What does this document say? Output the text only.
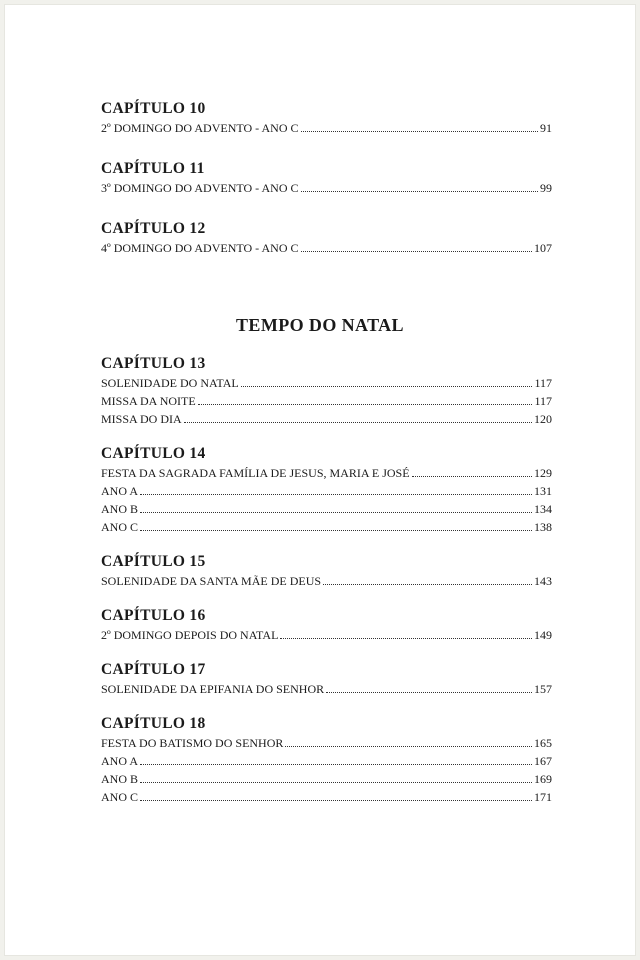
CAPÍTULO 10
2º DOMINGO DO ADVENTO - ANO C	91
CAPÍTULO 11
3º DOMINGO DO ADVENTO - ANO C	99
CAPÍTULO 12
4º DOMINGO DO ADVENTO - ANO C	107
TEMPO DO NATAL
CAPÍTULO 13
SOLENIDADE DO NATAL	117
MISSA DA NOITE	117
MISSA DO DIA	120
CAPÍTULO 14
FESTA DA SAGRADA FAMÍLIA DE JESUS, MARIA E JOSÉ	129
ANO A	131
ANO B	134
ANO C	138
CAPÍTULO 15
SOLENIDADE DA SANTA MÃE DE DEUS	143
CAPÍTULO 16
2º DOMINGO DEPOIS DO NATAL	149
CAPÍTULO 17
SOLENIDADE DA EPIFANIA DO SENHOR	157
CAPÍTULO 18
FESTA DO BATISMO DO SENHOR	165
ANO A	167
ANO B	169
ANO C	171
